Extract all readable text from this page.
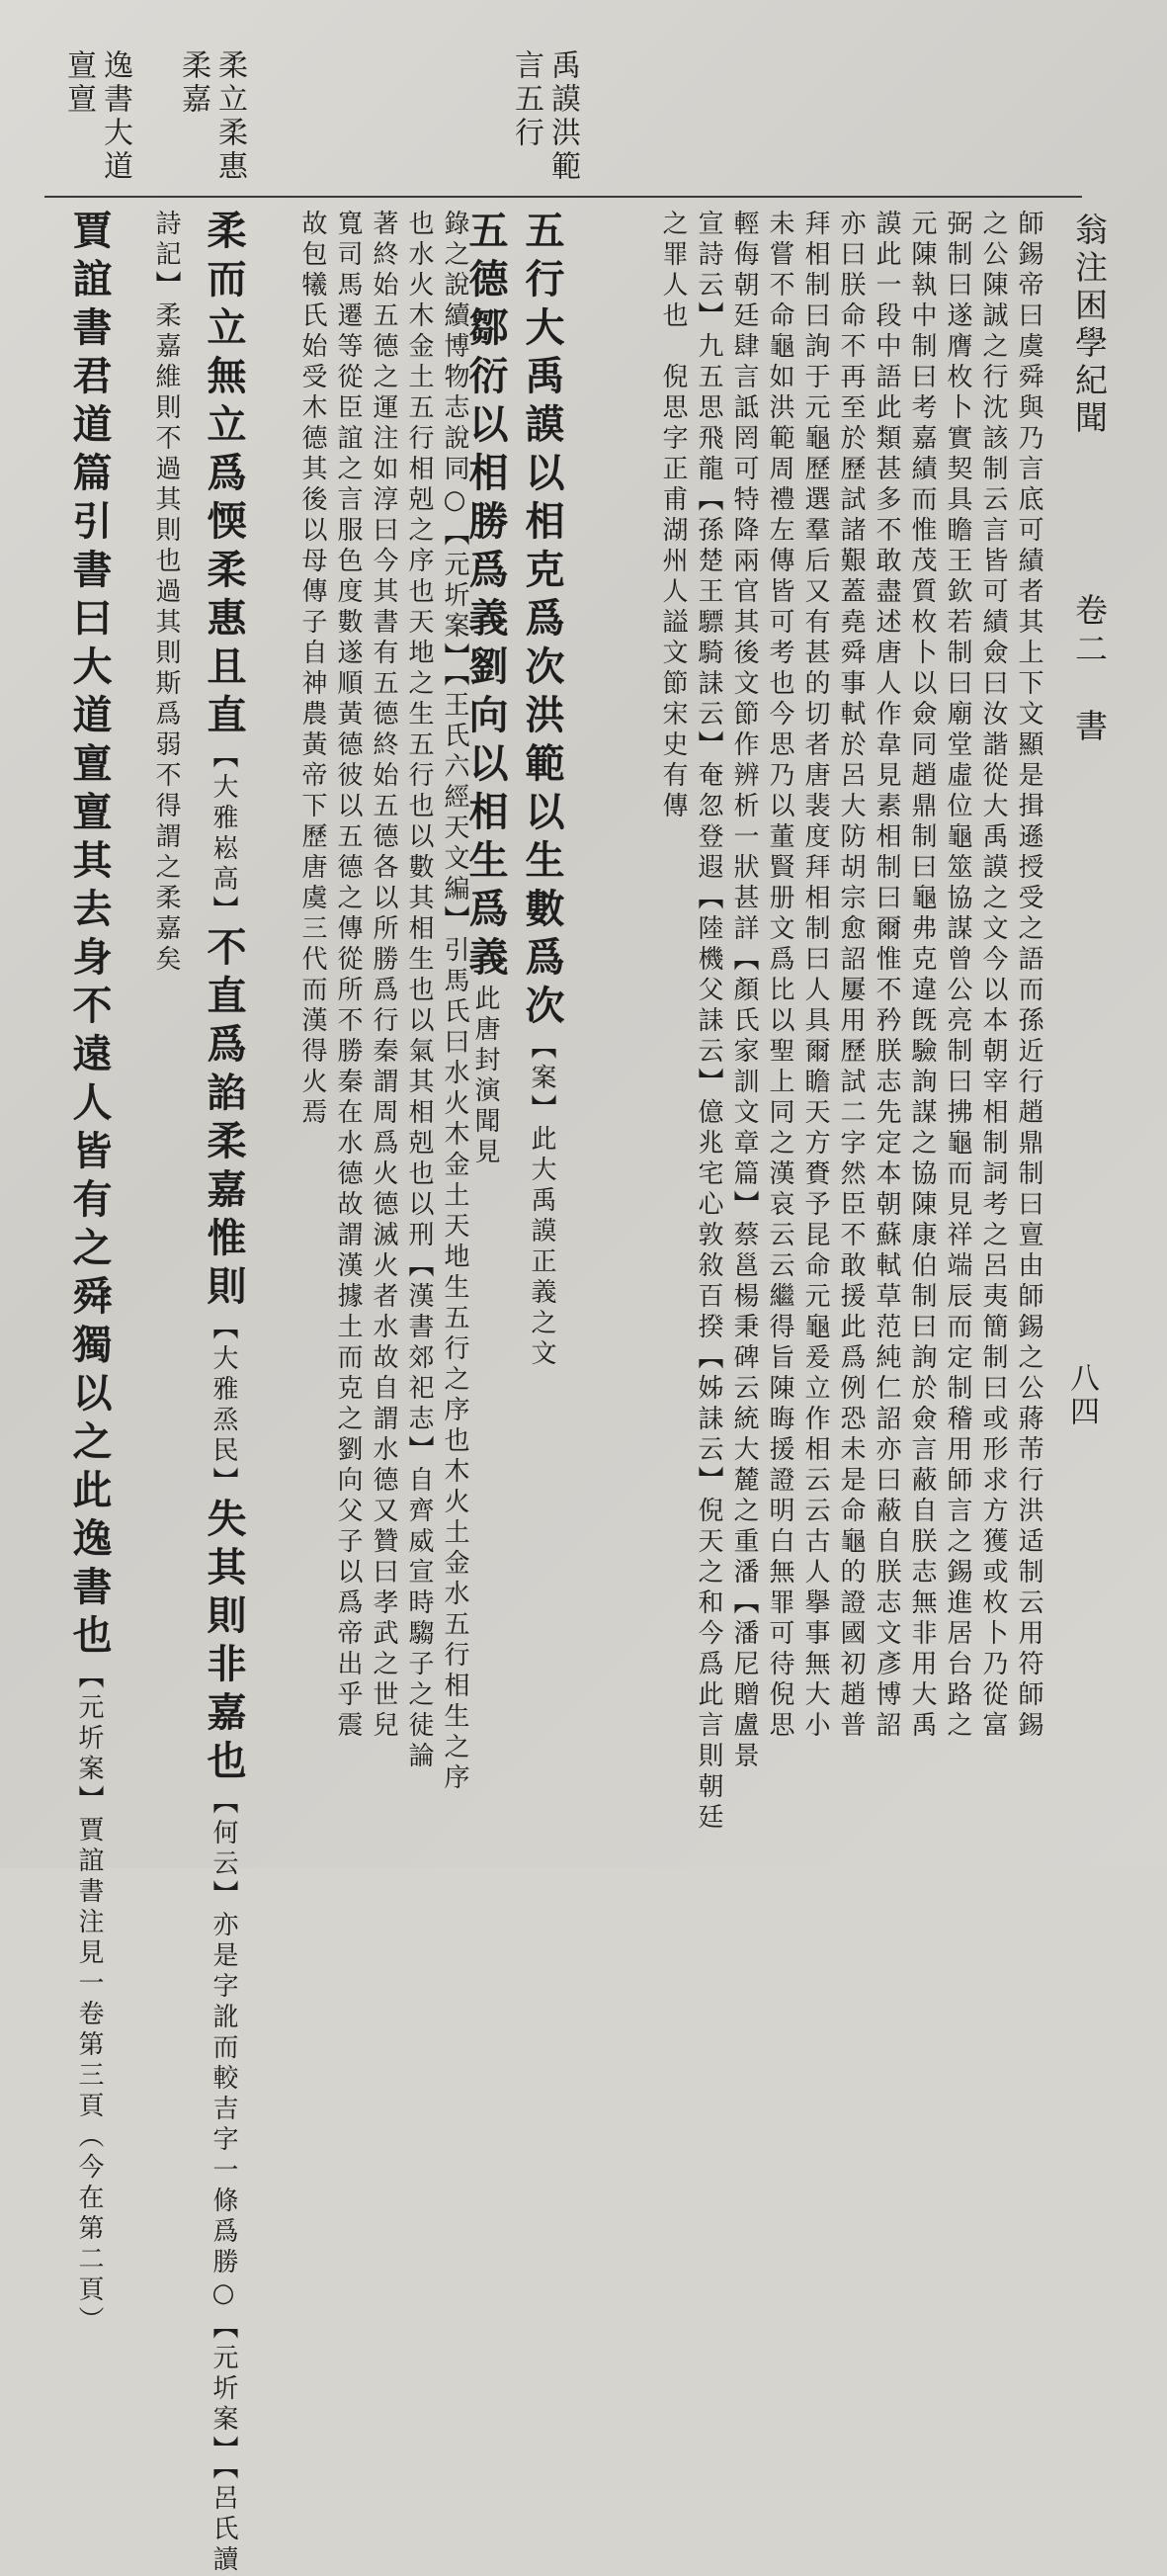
翁注困學紀聞
卷二　書
八四
禹謨洪範
言五行
柔立柔惠
柔嘉
逸書大道
亶亶
師錫帝曰虞舜與乃言底可績者其上下文顯是揖遜授受之語而孫近行趙鼎制曰亶由師錫之公蔣芾行洪适制云用符師錫
之公陳誠之行沈該制云言皆可績僉曰汝諧從大禹謨之文今以本朝宰相制詞考之呂夷簡制曰或形求方獲或枚卜乃從富
弼制曰遂膺枚卜實契具瞻王欽若制曰廟堂虛位龜筮協謀曾公亮制曰拂龜而見祥端辰而定制稽用師言之錫進居台路之
元陳執中制曰考嘉績而惟茂質枚卜以僉同趙鼎制曰龜弗克違旣驗詢謀之協陳康伯制曰詢於僉言蔽自朕志無非用大禹
謨此一段中語此類甚多不敢盡述唐人作韋見素相制曰爾惟不矜朕志先定本朝蘇軾草范純仁詔亦曰蔽自朕志文彥博詔
亦曰朕命不再至於歷試諸艱蓋堯舜事軾於呂大防胡宗愈詔屢用歷試二字然臣不敢援此爲例恐未是命龜的證國初趙普
拜相制曰詢于元龜歷選羣后又有甚的切者唐裴度拜相制曰人具爾瞻天方賚予昆命元龜爰立作相云云古人擧事無大小
未嘗不命龜如洪範周禮左傳皆可考也今思乃以董賢册文爲比以聖上同之漢哀云云繼得旨陳晦援證明白無罪可待倪思
輕侮朝廷肆言詆罔可特降兩官其後文節作辨析一狀甚詳【顏氏家訓文章篇】蔡邕楊秉碑云統大麓之重潘【潘尼贈盧景
宣詩云】九五思飛龍【孫楚王驃騎誄云】奄忽登遐【陸機父誄云】億兆宅心敦敘百揆【姊誄云】倪天之和今爲此言則朝廷
之罪人也　倪思字正甫湖州人謚文節宋史有傳
五行大禹謨以相克爲次洪範以生數爲次【案】此大禹謨正義之文
五德鄒衍以相勝爲義劉向以相生爲義此唐封演聞見
錄之說續博物志說同○【元圻案】【王氏六經天文編】引馬氏曰水火木金土天地生五行之序也木火土金水五行相生之序
也水火木金土五行相剋之序也天地之生五行也以數其相生也以氣其相剋也以刑【漢書郊祀志】自齊威宣時騶子之徒論
著終始五德之運注如淳曰今其書有五德終始五德各以所勝爲行秦謂周爲火德滅火者水故自謂水德又贊曰孝武之世兒
寬司馬遷等從臣誼之言服色度數遂順黃德彼以五德之傳從所不勝秦在水德故謂漢據土而克之劉向父子以爲帝出乎震
故包犧氏始受木德其後以母傳子自神農黃帝下歷唐虞三代而漢得火焉
柔而立無立爲愞柔惠且直【大雅崧高】不直爲諂柔嘉惟則【大雅烝民】失其則非嘉也【何云】亦是字訛而較吉字一條爲勝○【元圻案】【呂氏讀
詩記】柔嘉維則不過其則也過其則斯爲弱不得謂之柔嘉矣
賈誼書君道篇引書曰大道亶亶其去身不遠人皆有之舜獨以之此逸書也【元圻案】賈誼書注見一卷第三頁（今在第二頁）
